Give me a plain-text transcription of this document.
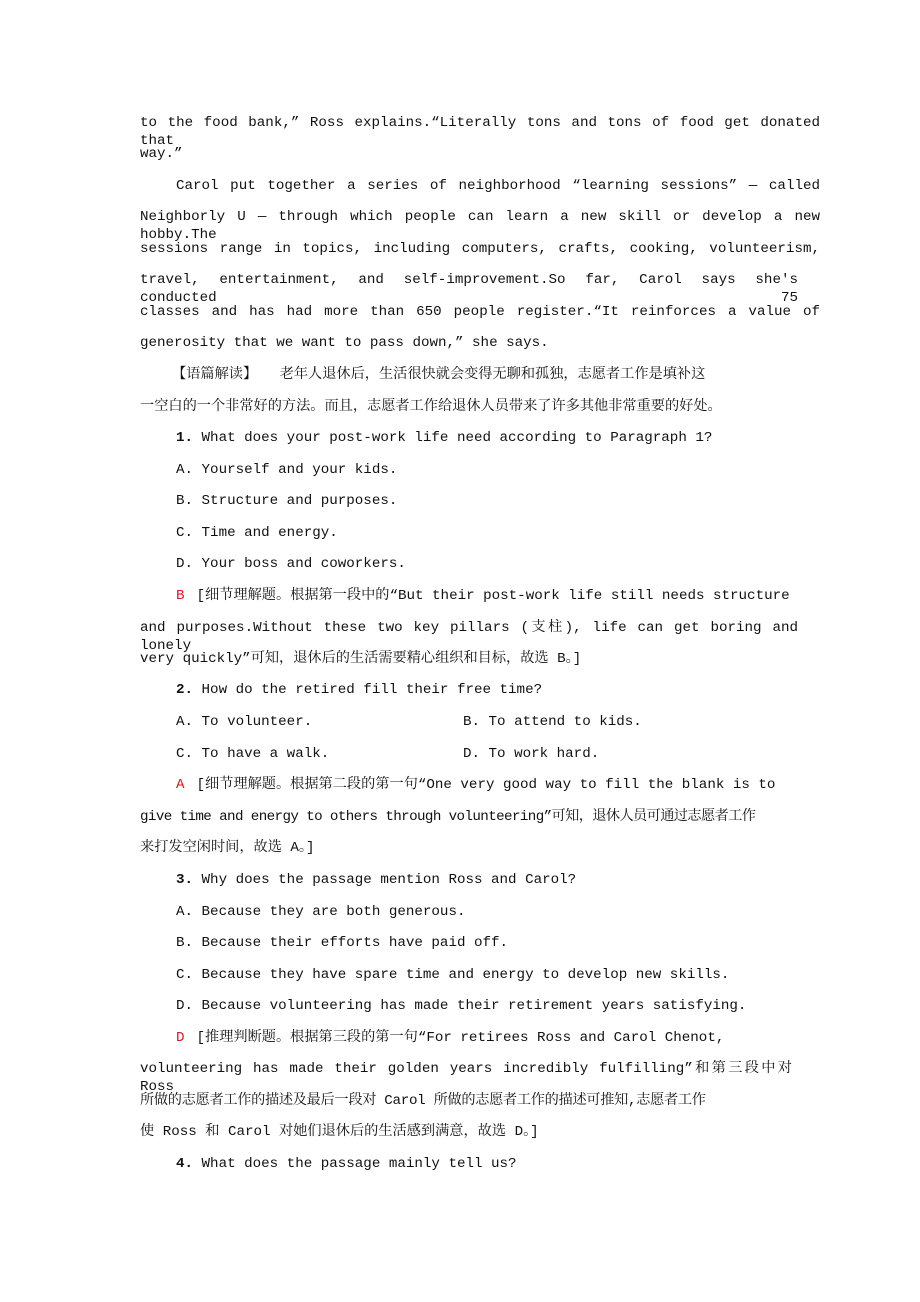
to the food bank,” Ross explains.“Literally tons and tons of food get donated that
way.”
Carol put together a series of neighborhood “learning sessions” — called
Neighborly U — through which people can learn a new skill or develop a new hobby.The
sessions range in topics, including computers, crafts, cooking, volunteerism,
travel, entertainment, and self-improvement.So far, Carol says she's conducted 75
classes and has had more than 650 people register.“It reinforces a value of
generosity that we want to pass down,” she says.
【语篇解读】 老年人退休后，生活很快就会变得无聊和孤独，志愿者工作是填补这
一空白的一个非常好的方法。而且，志愿者工作给退休人员带来了许多其他非常重要的好处。
1. What does your post-work life need according to Paragraph 1?
A. Yourself and your kids.
B. Structure and purposes.
C. Time and energy.
D. Your boss and coworkers.
B [细节理解题。根据第一段中的“But their post-work life still needs structure
and purposes.Without these two key pillars (支柱), life can get boring and lonely
very quickly”可知，退休后的生活需要精心组织和目标，故选 B。]
2. How do the retired fill their free time?
A. To volunteer.	B. To attend to kids.
C. To have a walk.	D. To work hard.
A [细节理解题。根据第二段的第一句“One very good way to fill the blank is to
give time and energy to others through volunteering”可知，退休人员可通过志愿者工作
来打发空闲时间，故选 A。]
3. Why does the passage mention Ross and Carol?
A. Because they are both generous.
B. Because their efforts have paid off.
C. Because they have spare time and energy to develop new skills.
D. Because volunteering has made their retirement years satisfying.
D [推理判断题。根据第三段的第一句“For retirees Ross and Carol Chenot,
volunteering has made their golden years incredibly fulfilling”和第三段中对 Ross
所做的志愿者工作的描述及最后一段对 Carol 所做的志愿者工作的描述可推知,志愿者工作
使 Ross 和 Carol 对她们退休后的生活感到满意，故选 D。]
4. What does the passage mainly tell us?
